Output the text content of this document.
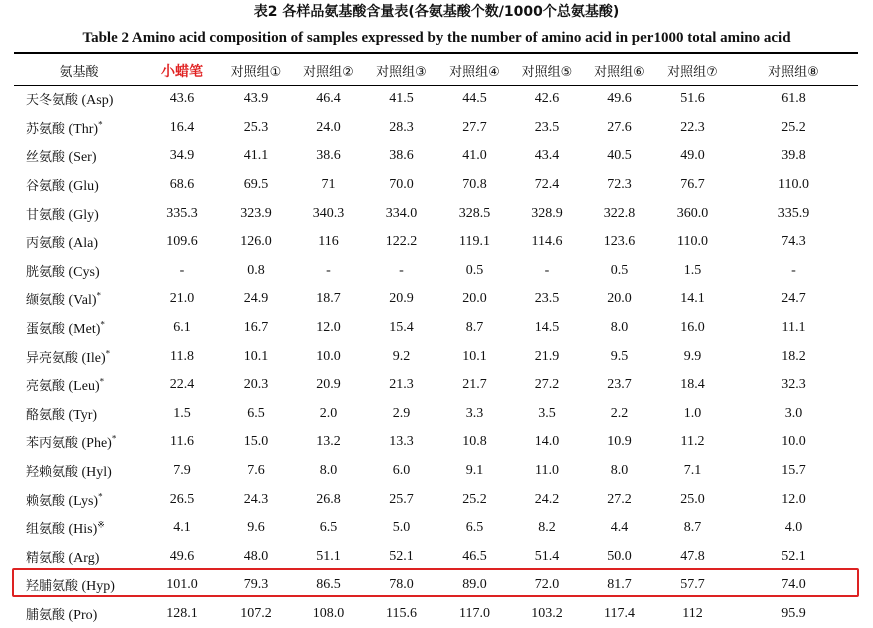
表2 各样品氨基酸含量表(各氨基酸个数/1000个总氨基酸)
Table 2 Amino acid composition of samples expressed by the number of amino acid in per1000 total amino acid
氨基酸	小蜡笔	对照组①	对照组②	对照组③	对照组④	对照组⑤	对照组⑥	对照组⑦	对照组⑧
天冬氨酸 (Asp)	43.6	43.9	46.4	41.5	44.5	42.6	49.6	51.6	61.8
苏氨酸 (Thr)*	16.4	25.3	24.0	28.3	27.7	23.5	27.6	22.3	25.2
丝氨酸 (Ser)	34.9	41.1	38.6	38.6	41.0	43.4	40.5	49.0	39.8
谷氨酸 (Glu)	68.6	69.5	71	70.0	70.8	72.4	72.3	76.7	110.0
甘氨酸 (Gly)	335.3	323.9	340.3	334.0	328.5	328.9	322.8	360.0	335.9
丙氨酸 (Ala)	109.6	126.0	116	122.2	119.1	114.6	123.6	110.0	74.3
胱氨酸 (Cys)	-	0.8	-	-	0.5	-	0.5	1.5	-
缬氨酸 (Val)*	21.0	24.9	18.7	20.9	20.0	23.5	20.0	14.1	24.7
蛋氨酸 (Met)*	6.1	16.7	12.0	15.4	8.7	14.5	8.0	16.0	11.1
异亮氨酸 (Ile)*	11.8	10.1	10.0	9.2	10.1	21.9	9.5	9.9	18.2
亮氨酸 (Leu)*	22.4	20.3	20.9	21.3	21.7	27.2	23.7	18.4	32.3
酪氨酸 (Tyr)	1.5	6.5	2.0	2.9	3.3	3.5	2.2	1.0	3.0
苯丙氨酸 (Phe)*	11.6	15.0	13.2	13.3	10.8	14.0	10.9	11.2	10.0
羟赖氨酸 (Hyl)	7.9	7.6	8.0	6.0	9.1	11.0	8.0	7.1	15.7
赖氨酸 (Lys)*	26.5	24.3	26.8	25.7	25.2	24.2	27.2	25.0	12.0
组氨酸 (His)※	4.1	9.6	6.5	5.0	6.5	8.2	4.4	8.7	4.0
精氨酸 (Arg)	49.6	48.0	51.1	52.1	46.5	51.4	50.0	47.8	52.1
羟脯氨酸 (Hyp)	101.0	79.3	86.5	78.0	89.0	72.0	81.7	57.7	74.0
脯氨酸 (Pro)	128.1	107.2	108.0	115.6	117.0	103.2	117.4	112	95.9
